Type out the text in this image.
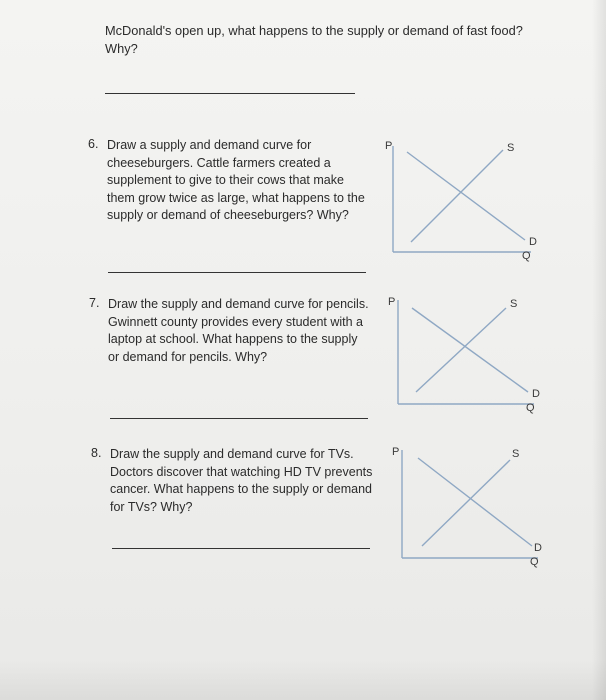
McDonald's open up, what happens to the supply or demand of fast food? Why?
6. Draw a supply and demand curve for cheeseburgers. Cattle farmers created a supplement to give to their cows that make them grow twice as large, what happens to the supply or demand of cheeseburgers? Why?
P	S
D
Q
7. Draw the supply and demand curve for pencils. Gwinnett county provides every student with a laptop at school. What happens to the supply or demand for pencils. Why?
P	S
D
Q
8. Draw the supply and demand curve for TVs. Doctors discover that watching HD TV prevents cancer. What happens to the supply or demand for TVs? Why?
P	S
D
Q
